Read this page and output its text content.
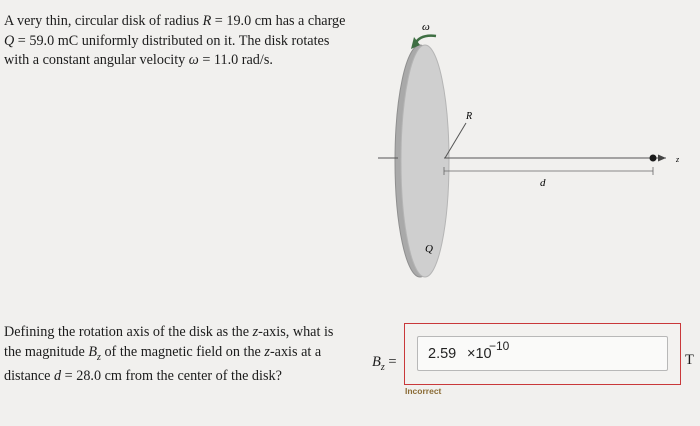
A very thin, circular disk of radius R = 19.0 cm has a charge
Q = 59.0 mC uniformly distributed on it. The disk rotates
with a constant angular velocity ω = 11.0 rad/s.
ω
R
Q
d
z
Defining the rotation axis of the disk as the z-axis, what is the magnitude $B_z$ of the magnetic field on the z-axis at a distance d = 28.0 cm from the center of the disk?
$B_z = 2.59 \times 10$
−10
T
Incorrect
